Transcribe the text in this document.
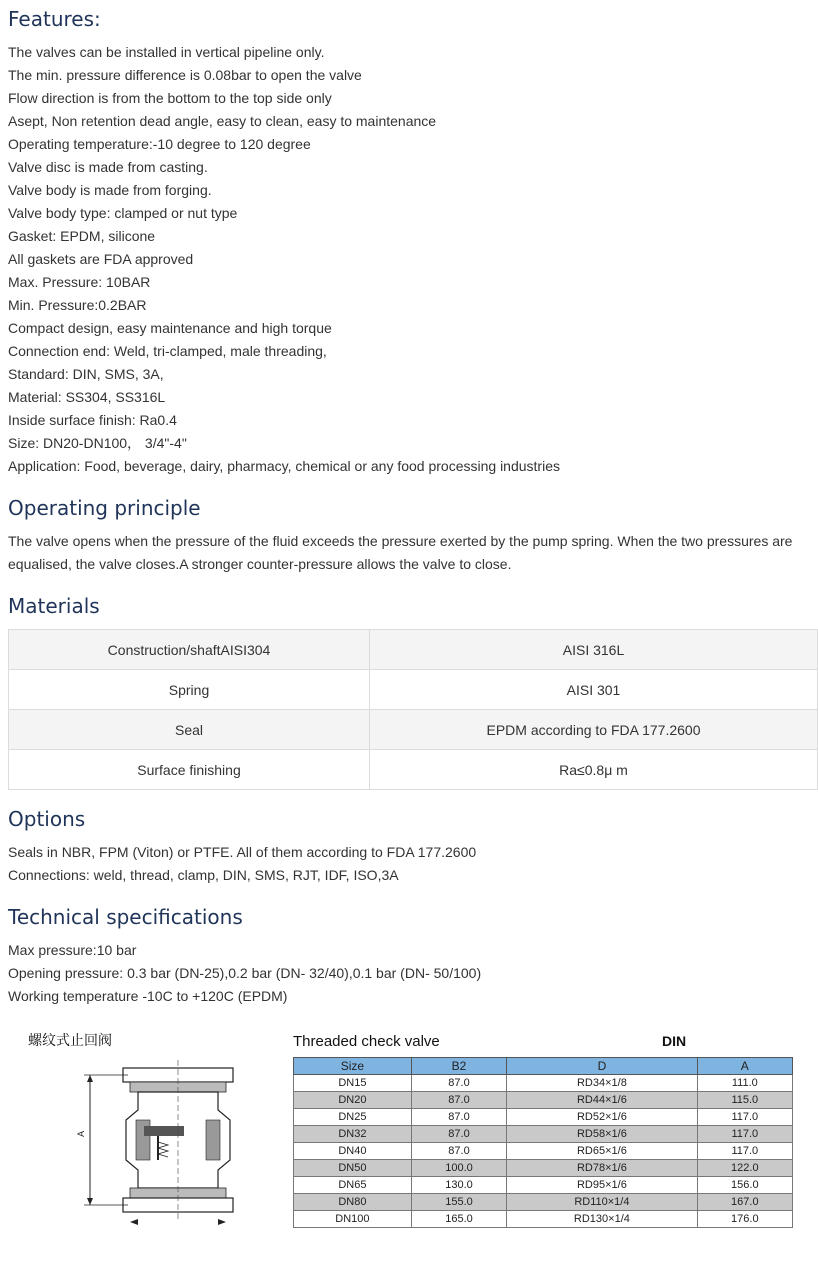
Features:
The valves can be installed in vertical pipeline only.
The min. pressure difference is 0.08bar to open the valve
Flow direction is from the bottom to the top side only
Asept, Non retention dead angle, easy to clean, easy to maintenance
Operating temperature:-10 degree to 120 degree
Valve disc is made from casting.
Valve body is made from forging.
Valve body type: clamped or nut type
Gasket: EPDM, silicone
All gaskets are FDA approved
Max. Pressure: 10BAR
Min. Pressure:0.2BAR
Compact design, easy maintenance and high torque
Connection end: Weld, tri-clamped, male threading,
Standard: DIN, SMS, 3A,
Material: SS304, SS316L
Inside surface finish: Ra0.4
Size: DN20-DN100， 3/4"-4"
Application: Food, beverage, dairy, pharmacy, chemical or any food processing industries
Operating principle
The valve opens when the pressure of the fluid exceeds the pressure exerted by the pump spring. When the two pressures are equalised, the valve closes.A stronger counter-pressure allows the valve to close.
Materials
Construction/shaftAISI304	AISI 316L
Spring	AISI 301
Seal	EPDM according to FDA 177.2600
Surface finishing	Ra≤0.8μ m
Options
Seals in NBR, FPM (Viton) or PTFE. All of them according to FDA 177.2600
Connections: weld, thread, clamp, DIN, SMS, RJT, IDF, ISO,3A
Technical specifications
Max pressure:10 bar
Opening pressure: 0.3 bar (DN-25),0.2 bar (DN- 32/40),0.1 bar (DN- 50/100)
Working temperature -10C to +120C (EPDM)
螺纹式止回阀
A
Threaded check valve	DIN
Size	B2	D	A
DN15	87.0	RD34×1/8	111.0
DN20	87.0	RD44×1/6	115.0
DN25	87.0	RD52×1/6	117.0
DN32	87.0	RD58×1/6	117.0
DN40	87.0	RD65×1/6	117.0
DN50	100.0	RD78×1/6	122.0
DN65	130.0	RD95×1/6	156.0
DN80	155.0	RD110×1/4	167.0
DN100	165.0	RD130×1/4	176.0
